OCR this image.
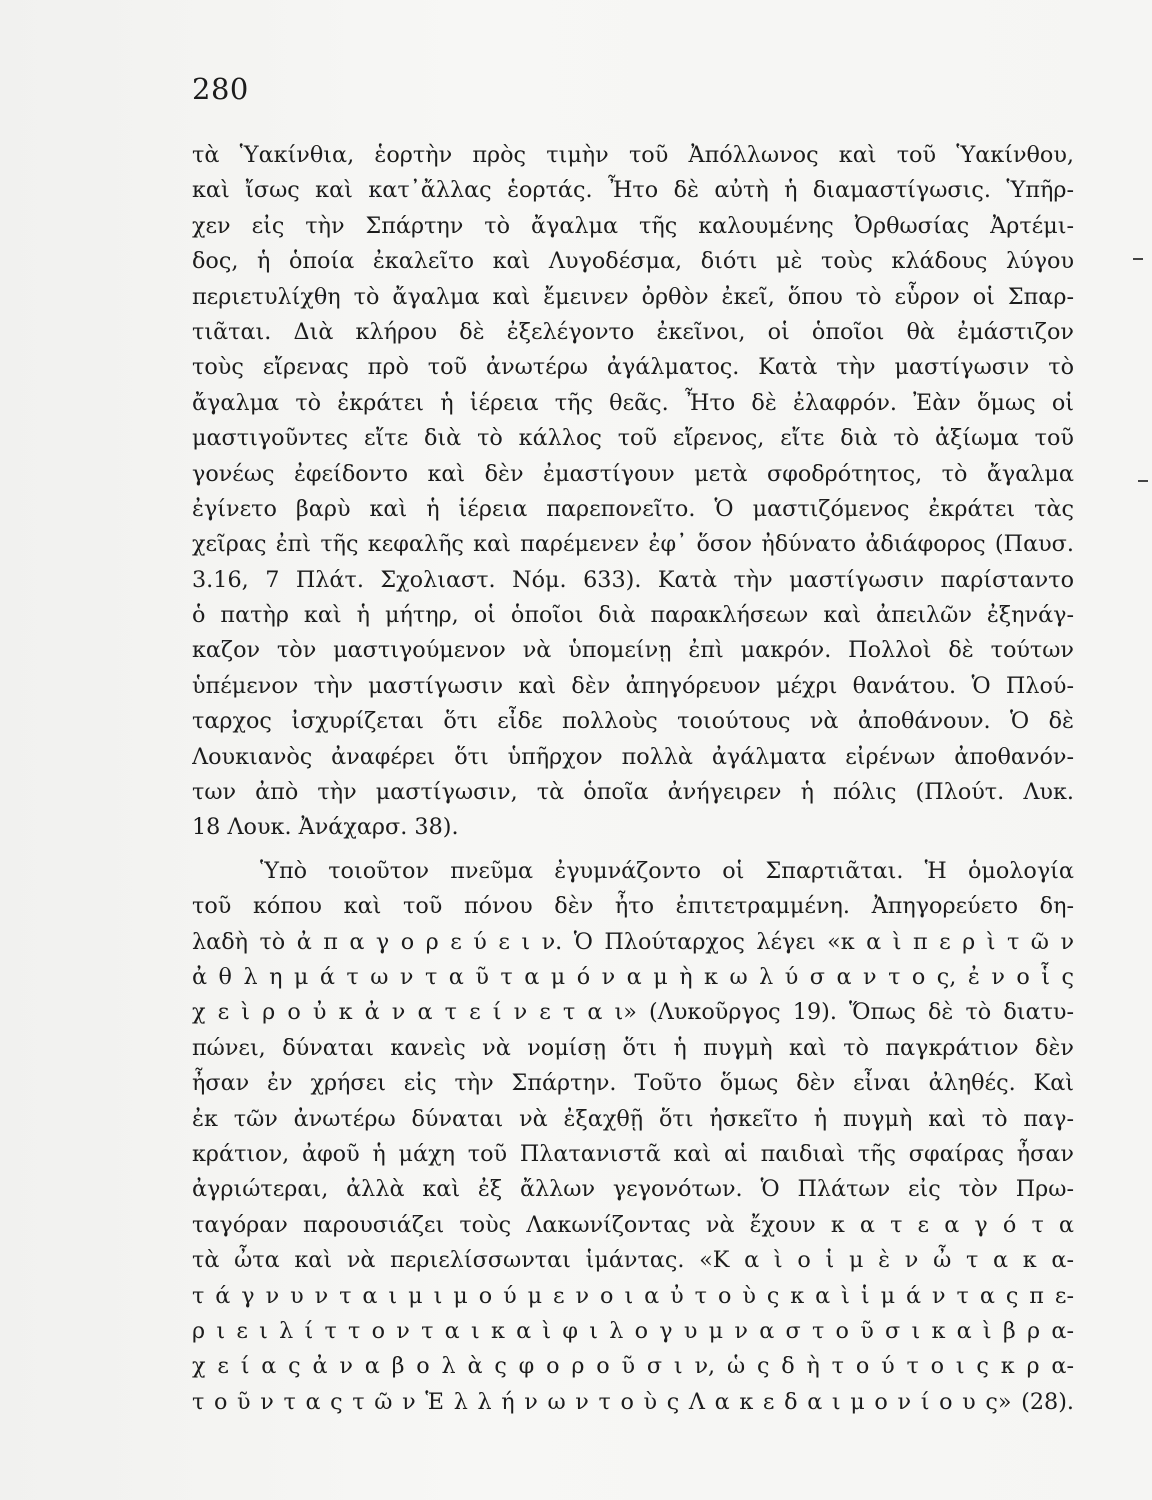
280
τὰ Ὑακίνθια, ἑορτὴν πρὸς τιμὴν τοῦ Ἀπόλλωνος καὶ τοῦ Ὑακίνθου,
καὶ ἴσως καὶ κατ᾿ἄλλας ἑορτάς. Ἦτο δὲ αὐτὴ ἡ διαμαστίγωσις. Ὑπῆρ-
χεν εἰς τὴν Σπάρτην τὸ ἄγαλμα τῆς καλουμένης Ὀρθωσίας Ἀρτέμι-
δος, ἡ ὁποία ἐκαλεῖτο καὶ Λυγοδέσμα, διότι μὲ τοὺς κλάδους λύγου
περιετυλίχθη τὸ ἄγαλμα καὶ ἔμεινεν ὀρθὸν ἐκεῖ, ὅπου τὸ εὗρον οἱ Σπαρ-
τιᾶται. Διὰ κλήρου δὲ ἐξελέγοντο ἐκεῖνοι, οἱ ὁποῖοι θὰ ἐμάστιζον
τοὺς εἴρενας πρὸ τοῦ ἀνωτέρω ἀγάλματος. Κατὰ τὴν μαστίγωσιν τὸ
ἄγαλμα τὸ ἐκράτει ἡ ἱέρεια τῆς θεᾶς. Ἦτο δὲ ἐλαφρόν. Ἐὰν ὅμως οἱ
μαστιγοῦντες εἴτε διὰ τὸ κάλλος τοῦ εἴρενος, εἴτε διὰ τὸ ἀξίωμα τοῦ
γονέως ἐφείδοντο καὶ δὲν ἐμαστίγουν μετὰ σφοδρότητος, τὸ ἄγαλμα
ἐγίνετο βαρὺ καὶ ἡ ἱέρεια παρεπονεῖτο. Ὁ μαστιζόμενος ἐκράτει τὰς
χεῖρας ἐπὶ τῆς κεφαλῆς καὶ παρέμενεν ἐφ᾿ ὅσον ἠδύνατο ἀδιάφορος (Παυσ.
3.16, 7 Πλάτ. Σχολιαστ. Νόμ. 633). Κατὰ τὴν μαστίγωσιν παρίσταντο
ὁ πατὴρ καὶ ἡ μήτηρ, οἱ ὁποῖοι διὰ παρακλήσεων καὶ ἀπειλῶν ἐξηνάγ-
καζον τὸν μαστιγούμενον νὰ ὑπομείνῃ ἐπὶ μακρόν. Πολλοὶ δὲ τούτων
ὑπέμενον τὴν μαστίγωσιν καὶ δὲν ἀπηγόρευον μέχρι θανάτου. Ὁ Πλού-
ταρχος ἰσχυρίζεται ὅτι εἶδε πολλοὺς τοιούτους νὰ ἀποθάνουν. Ὁ δὲ
Λουκιανὸς ἀναφέρει ὅτι ὑπῆρχον πολλὰ ἀγάλματα εἰρένων ἀποθανόν-
των ἀπὸ τὴν μαστίγωσιν, τὰ ὁποῖα ἀνήγειρεν ἡ πόλις (Πλούτ. Λυκ.
18 Λουκ. Ἀνάχαρσ. 38).
Ὑπὸ τοιοῦτον πνεῦμα ἐγυμνάζοντο οἱ Σπαρτιᾶται. Ἡ ὁμολογία
τοῦ κόπου καὶ τοῦ πόνου δὲν ἦτο ἐπιτετραμμένη. Ἀπηγορεύετο δη-
λαδὴ τὸ ἀ π α γ ο ρ ε ύ ε ι ν. Ὁ Πλούταρχος λέγει «κ α ὶ π ε ρ ὶ τ ῶ ν
ἀ θ λ η μ ά τ ω ν τ α ῦ τ α μ ό ν α μ ὴ κ ω λ ύ σ α ν τ ο ς, ἐ ν ο ἷ ς
χ ε ὶ ρ ο ὐ κ ἀ ν α τ ε ί ν ε τ α ι» (Λυκοῦργος 19). Ὅπως δὲ τὸ διατυ-
πώνει, δύναται κανεὶς νὰ νομίσῃ ὅτι ἡ πυγμὴ καὶ τὸ παγκράτιον δὲν
ἦσαν ἐν χρήσει εἰς τὴν Σπάρτην. Τοῦτο ὅμως δὲν εἶναι ἀληθές. Καὶ
ἐκ τῶν ἀνωτέρω δύναται νὰ ἐξαχθῇ ὅτι ἠσκεῖτο ἡ πυγμὴ καὶ τὸ παγ-
κράτιον, ἀφοῦ ἡ μάχη τοῦ Πλατανιστᾶ καὶ αἱ παιδιαὶ τῆς σφαίρας ἦσαν
ἀγριώτεραι, ἀλλὰ καὶ ἐξ ἄλλων γεγονότων. Ὁ Πλάτων εἰς τὸν Πρω-
ταγόραν παρουσιάζει τοὺς Λακωνίζοντας νὰ ἔχουν κ α τ ε α γ ό τ α
τὰ ὦτα καὶ νὰ περιελίσσωνται ἱμάντας. «Κ α ὶ ο ἱ μ ὲ ν ὦ τ α κ α-
τ ά γ ν υ ν τ α ι μ ι μ ο ύ μ ε ν ο ι α ὐ τ ο ὺ ς κ α ὶ ἱ μ ά ν τ α ς π ε-
ρ ι ε ι λ ί τ τ ο ν τ α ι κ α ὶ φ ι λ ο γ υ μ ν α σ τ ο ῦ σ ι κ α ὶ β ρ α-
χ ε ί α ς ἀ ν α β ο λ ὰ ς φ ο ρ ο ῦ σ ι ν, ὡ ς δ ὴ τ ο ύ τ ο ι ς κ ρ α-
τ ο ῦ ν τ α ς τ ῶ ν Ἑ λ λ ή ν ω ν τ ο ὺ ς Λ α κ ε δ α ι μ ο ν ί ο υ ς» (28).
